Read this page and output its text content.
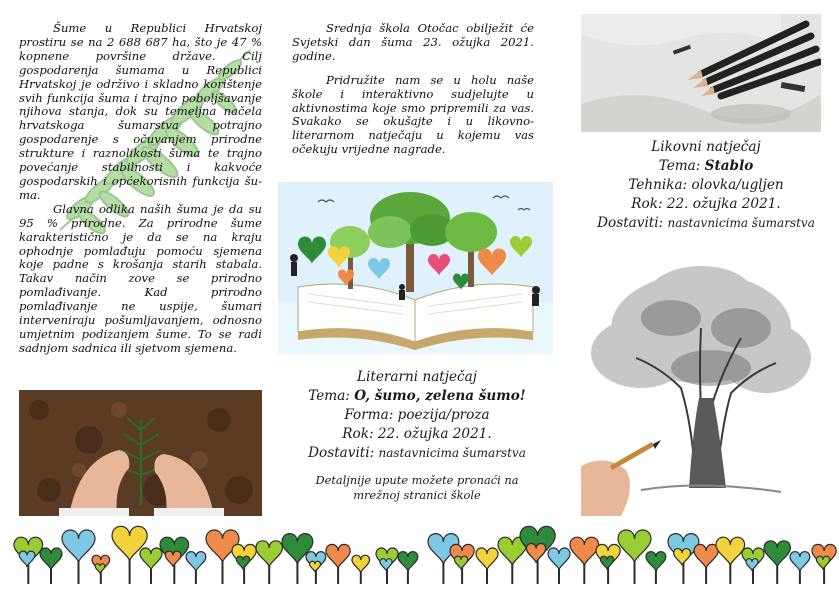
Šume u Republici Hrvatskoj prostiru se na 2 688 687 ha, što je 47 % kopnene površine države. Cilj gospodarenja šumama u Republici Hrvatskoj je održivo i skladno korištenje svih funkcija šuma i trajno poboljšavanje njihova stanja, dok su temeljna načela hrvatskoga šumarstva potrajno gospodarenje s očuvanjem prirodne strukture i raznolikosti šuma te trajno povećanje stabilnosti i kakvoće gospodarskih i općekorisnih funkcija šu-ma.

Glavna odlika naših šuma je da su 95 % prirodne. Za prirodne šume karakteristično je da se na kraju ophodnje pomlađuju pomoću sjemena koje padne s krošanja starih stabala. Takav način zove se prirodno pomlađivanje. Kad prirodno pomlađivanje ne uspije, šumari interveniraju pošumljavanjem, odnosno umjetnim podizanjem šume. To se radi sadnjom sadnica ili sjetvom sjemena.

Srednja škola Otočac obilježit će Svjetski dan šuma 23. ožujka 2021. godine.

Pridružite nam se u holu naše škole i interaktivno sudjelujte u aktivnostima koje smo pripremili za vas. Svakako se okušajte i u likovno-literarnom natječaju u kojemu vas očekuju vrijedne nagrade.

Literarni natječaj
Tema: O, šumo, zelena šumo!
Forma: poezija/proza
Rok: 22. ožujka 2021.
Dostaviti: nastavnicima šumarstva
Detaljnije upute možete pronaći na mrežnoj stranici škole
Likovni natječaj
Tema: Stablo
Tehnika: olovka/ugljen
Rok: 22. ožujka 2021.
Dostaviti: nastavnicima šumarstva
